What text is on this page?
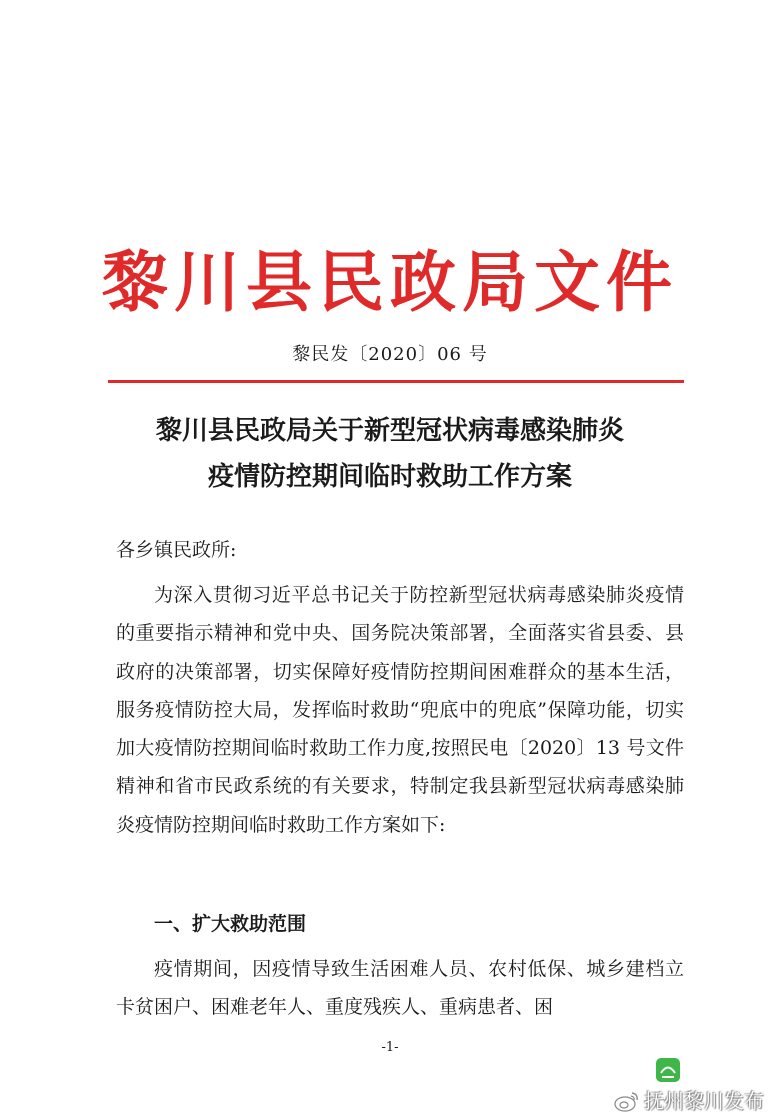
黎川县民政局文件
黎民发〔2020〕06 号
黎川县民政局关于新型冠状病毒感染肺炎
疫情防控期间临时救助工作方案
各乡镇民政所:

为深入贯彻习近平总书记关于防控新型冠状病毒感染肺炎疫情的重要指示精神和党中央、国务院决策部署，全面落实省县委、县政府的决策部署，切实保障好疫情防控期间困难群众的基本生活，服务疫情防控大局，发挥临时救助“兜底中的兜底”保障功能，切实加大疫情防控期间临时救助工作力度,按照民电〔2020〕13 号文件精神和省市民政系统的有关要求，特制定我县新型冠状病毒感染肺炎疫情防控期间临时救助工作方案如下:

一、扩大救助范围

疫情期间，因疫情导致生活困难人员、农村低保、城乡建档立卡贫困户、困难老年人、重度残疾人、重病患者、困

-1-
抚州黎川发布
